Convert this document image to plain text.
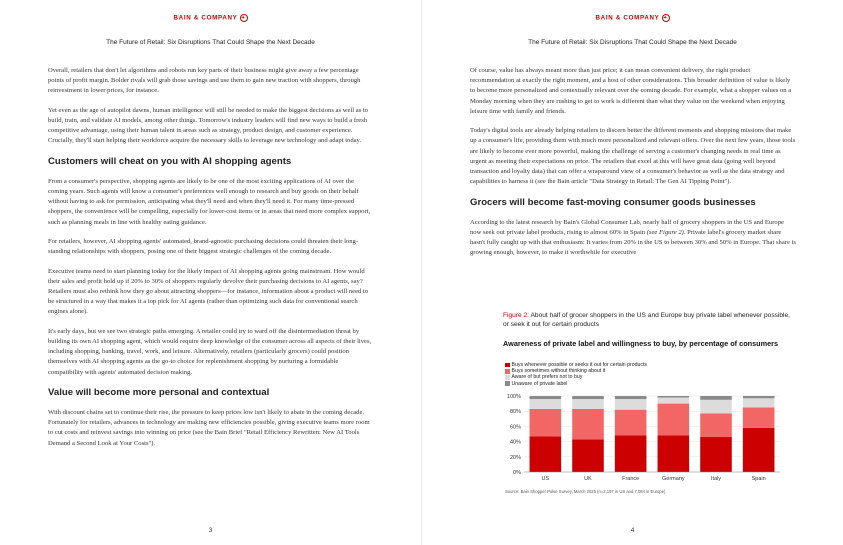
BAIN & COMPANY ✦
The Future of Retail: Six Disruptions That Could Shape the Next Decade

Overall, retailers that don't let algorithms and robots run key parts of their business might give away a few percentage points of profit margin. Bolder rivals will grab those savings and use them to gain new traction with shoppers, through reinvestment in lower prices, for instance.

Yet even as the age of autopilot dawns, human intelligence will still be needed to make the biggest decisions as well as to build, train, and validate AI models, among other things. Tomorrow's industry leaders will find new ways to build a fresh competitive advantage, using their human talent in areas such as strategy, product design, and customer experience. Crucially, they'll start helping their workforce acquire the necessary skills to leverage new technology and adapt today.

Customers will cheat on you with AI shopping agents

From a consumer's perspective, shopping agents are likely to be one of the most exciting applications of AI over the coming years. Such agents will know a consumer's preferences well enough to research and buy goods on their behalf without having to ask for permission, anticipating what they'll need and when they'll need it. For many time-pressed shoppers, the convenience will be compelling, especially for lower-cost items or in areas that need more complex support, such as planning meals in line with healthy eating guidance.

For retailers, however, AI shopping agents' automated, brand-agnostic purchasing decisions could threaten their long-standing relationships with shoppers, posing one of their biggest strategic challenges of the coming decade.

Executive teams need to start planning today for the likely impact of AI shopping agents going mainstream. How would their sales and profit hold up if 20% to 30% of shoppers regularly devolve their purchasing decisions to AI agents, say? Retailers must also rethink how they go about attracting shoppers—for instance, information about a product will need to be structured in a way that makes it a top pick for AI agents (rather than optimizing such data for conventional search engines alone).

It's early days, but we see two strategic paths emerging. A retailer could try to ward off the disintermediation threat by building its own AI shopping agent, which would require deep knowledge of the consumer across all aspects of their lives, including shopping, banking, travel, work, and leisure. Alternatively, retailers (particularly grocers) could position themselves with AI shopping agents as the go-to choice for replenishment shopping by nurturing a formidable compatibility with agents' automated decision making.

Value will become more personal and contextual

With discount chains set to continue their rise, the pressure to keep prices low isn't likely to abate in the coming decade. Fortunately for retailers, advances in technology are making new efficiencies possible, giving executive teams more room to cut costs and reinvest savings into winning on price (see the Bain Brief "Retail Efficiency Rewritten: New AI Tools Demand a Second Look at Your Costs").

3
BAIN & COMPANY ✦
The Future of Retail: Six Disruptions That Could Shape the Next Decade

Of course, value has always meant more than just price; it can mean convenient delivery, the right product recommendation at exactly the right moment, and a host of other considerations. This broader definition of value is likely to become more personalized and contextually relevant over the coming decade. For example, what a shopper values on a Monday morning when they are rushing to get to work is different than what they value on the weekend when enjoying leisure time with family and friends.

Today's digital tools are already helping retailers to discern better the different moments and shopping missions that make up a consumer's life, providing them with much more personalized and relevant offers. Over the next few years, those tools are likely to become ever more powerful, making the challenge of serving a customer's changing needs in real time as urgent as meeting their expectations on price. The retailers that excel at this will have great data (going well beyond transaction and loyalty data) that can offer a wraparound view of a consumer's behavior as well as the data strategy and capabilities to harness it (see the Bain article "Data Strategy in Retail: The Gen AI Tipping Point").

Grocers will become fast-moving consumer goods businesses

According to the latest research by Bain's Global Consumer Lab, nearly half of grocery shoppers in the US and Europe now seek out private label products, rising to almost 60% in Spain (see Figure 2). Private label's grocery market share hasn't fully caught up with that enthusiasm: It varies from 20% in the US to between 30% and 50% in Europe. That share is growing enough, however, to make it worthwhile for executive

4
Figure 2: About half of grocer shoppers in the US and Europe buy private label whenever possible, or seek it out for certain products
Awareness of private label and willingness to buy, by percentage of consumers
Buys whenever possible or seeks it out for certain products
Buys sometimes without thinking about it
Aware of but prefers not to buy
Unaware of private label
0%
20%
40%
60%
80%
100%
US	UK	France	Germany	Italy	Spain
Source: Bain Shopper Pulse Survey, March 2025 (n=2,197 in US and 7,084 in Europe)
